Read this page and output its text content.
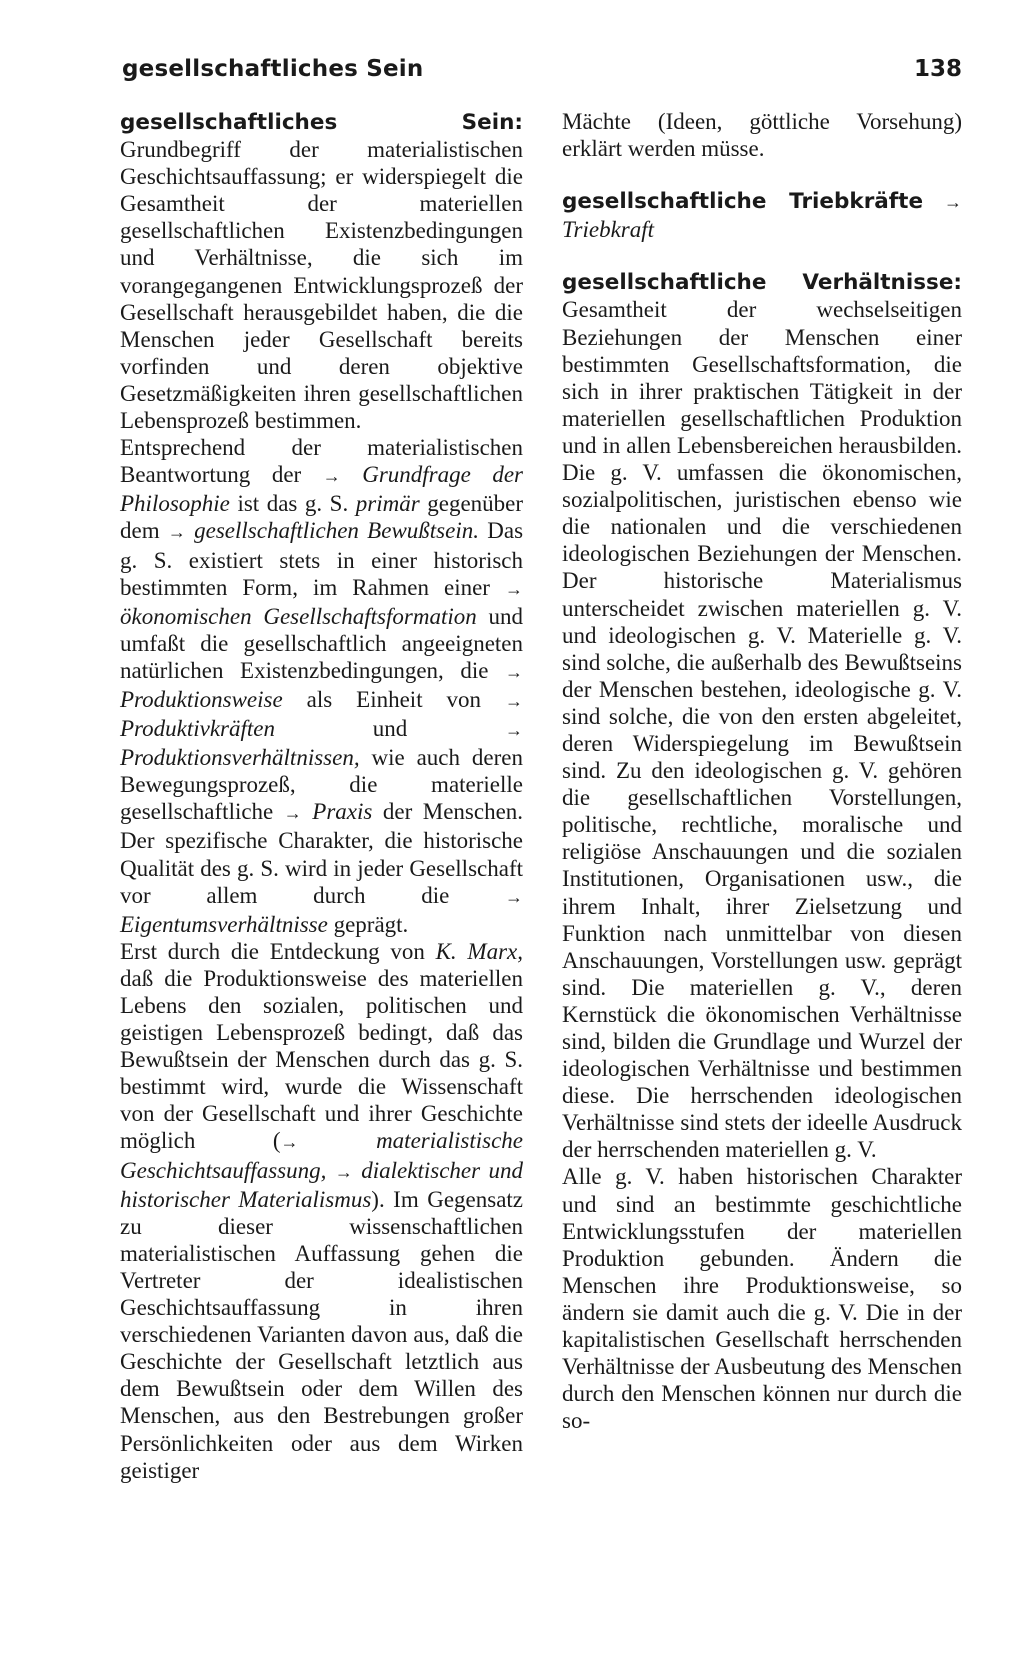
gesellschaftliches Sein	138

gesellschaftliches Sein: Grundbegriff der materialistischen Geschichtsauffassung; er widerspiegelt die Gesamtheit der materiellen gesellschaftlichen Existenzbedingungen und Verhältnisse, die sich im vorangegangenen Entwicklungsprozeß der Gesellschaft herausgebildet haben, die die Menschen jeder Gesellschaft bereits vorfinden und deren objektive Gesetzmäßigkeiten ihren gesellschaftlichen Lebensprozeß bestimmen.

Entsprechend der materialistischen Beantwortung der → Grundfrage der Philosophie ist das g. S. primär gegenüber dem → gesellschaftlichen Bewußtsein. Das g. S. existiert stets in einer historisch bestimmten Form, im Rahmen einer → ökonomischen Gesellschaftsformation und umfaßt die gesellschaftlich angeeigneten natürlichen Existenzbedingungen, die → Produktionsweise als Einheit von → Produktivkräften	und	→ Produktionsverhältnissen, wie auch deren Bewegungsprozeß, die materielle gesellschaftliche → Praxis der Menschen. Der spezifische Charakter, die historische Qualität des g. S. wird in jeder Gesellschaft vor allem durch die	→ Eigentumsverhältnisse geprägt.

Erst durch die Entdeckung von K. Marx, daß die Produktionsweise des materiellen Lebens den sozialen, politischen und geistigen Lebensprozeß bedingt, daß das Bewußtsein der Menschen durch das g. S. bestimmt wird, wurde die Wissenschaft von der Gesellschaft und ihrer Geschichte möglich (→	materialistische Geschichtsauffassung, → dialektischer und historischer Materialismus). Im Gegensatz zu dieser wissenschaftlichen materialistischen Auffassung gehen die Vertreter der idealistischen Geschichtsauffassung in ihren verschiedenen Varianten davon aus, daß die Geschichte der Gesellschaft letztlich aus dem Bewußtsein oder dem Willen des Menschen, aus den Bestrebungen großer Persönlichkeiten oder aus dem Wirken geistiger

Mächte (Ideen, göttliche Vorsehung) erklärt werden müsse.

gesellschaftliche Triebkräfte → Triebkraft

gesellschaftliche Verhältnisse: Gesamtheit der wechselseitigen Beziehungen der Menschen einer bestimmten Gesellschaftsformation, die sich in ihrer praktischen Tätigkeit in der materiellen gesellschaftlichen Produktion und in allen Lebensbereichen herausbilden. Die g. V. umfassen die ökonomischen, sozialpolitischen, juristischen ebenso wie die nationalen und die verschiedenen ideologischen Beziehungen der Menschen. Der historische Materialismus unterscheidet zwischen materiellen g. V. und ideologischen g. V. Materielle g. V. sind solche, die außerhalb des Bewußtseins der Menschen bestehen, ideologische g. V. sind solche, die von den ersten abgeleitet, deren Widerspiegelung im Bewußtsein sind. Zu den ideologischen g. V. gehören die gesellschaftlichen Vorstellungen, politische, rechtliche, moralische und religiöse Anschauungen und die sozialen Institutionen, Organisationen usw., die ihrem Inhalt, ihrer Zielsetzung und Funktion nach unmittelbar von diesen Anschauungen, Vorstellungen usw. geprägt sind. Die materiellen g. V., deren Kernstück die ökonomischen Verhältnisse sind, bilden die Grundlage und Wurzel der ideologischen Verhältnisse und bestimmen diese. Die herrschenden ideologischen Verhältnisse sind stets der ideelle Ausdruck der herrschenden materiellen g. V.

Alle g. V. haben historischen Charakter und sind an bestimmte geschichtliche Entwicklungsstufen der materiellen Produktion gebunden. Ändern die Menschen ihre Produktionsweise, so ändern sie damit auch die g. V. Die in der kapitalistischen Gesellschaft herrschenden Verhältnisse der Ausbeutung des Menschen durch den Menschen können nur durch die so-
